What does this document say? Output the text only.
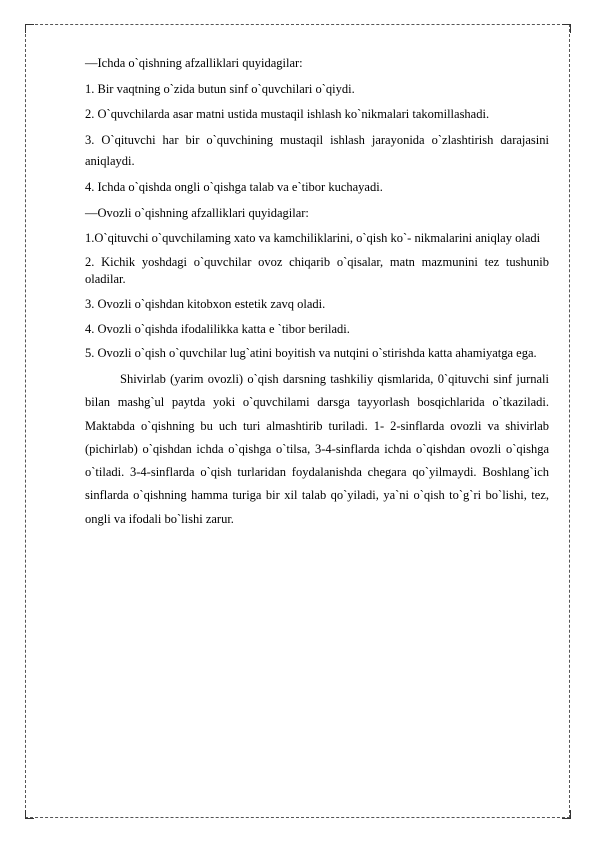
—Ichda o`qishning afzalliklari quyidagilar:

1. Bir vaqtning o`zida butun sinf o`quvchilari o`qiydi.

2. O`quvchilarda asar matni ustida mustaqil ishlash ko`nikmalari takomillashadi.

3. O`qituvchi har bir o`quvchining mustaqil ishlash jarayonida o`zlashtirish darajasini aniqlaydi.

4. Ichda o`qishda ongli o`qishga talab va e`tibor kuchayadi.

—Ovozli o`qishning afzalliklari quyidagilar:

1.O`qituvchi o`quvchilaming xato va kamchiliklarini, o`qish ko`- nikmalarini aniqlay oladi

2. Kichik yoshdagi o`quvchilar ovoz chiqarib o`qisalar, matn mazmunini tez tushunib oladilar.

3. Ovozli o`qishdan kitobxon estetik zavq oladi.

4. Ovozli o`qishda ifodalilikka katta e `tibor beriladi.

5. Ovozli o`qish o`quvchilar lug`atini boyitish va nutqini o`stirishda katta ahamiyatga ega.

Shivirlab (yarim ovozli) o`qish darsning tashkiliy qismlarida, 0`qituvchi sinf jurnali bilan mashg`ul paytda yoki o`quvchilami darsga tayyorlash bosqichlarida o`tkaziladi. Maktabda o`qishning bu uch turi almashtirib turiladi. 1- 2-sinflarda ovozli va shivirlab (pichirlab) o`qishdan ichda o`qishga o`tilsa, 3-4-sinflarda ichda o`qishdan ovozli o`qishga o`tiladi. 3-4-sinflarda o`qish turlaridan foydalanishda chegara qo`yilmaydi. Boshlang`ich sinflarda o`qishning hamma turiga bir xil talab qo`yiladi, ya`ni o`qish to`g`ri bo`lishi, tez, ongli va ifodali bo`lishi zarur.
